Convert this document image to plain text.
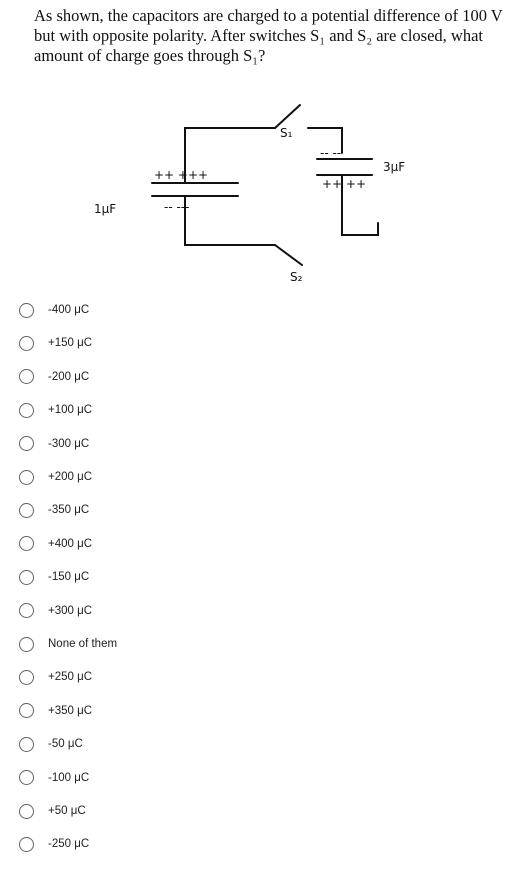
As shown, the capacitors are charged to a potential difference of 100 V but with opposite polarity. After switches S₁ and S₂ are closed, what amount of charge goes through S₁?

1μF
3μF
S₁
S₂
++ +++
-- ---
-- --
++ ++
-400 μC
+150 μC
-200 μC
+100 μC
-300 μC
+200 μC
-350 μC
+400 μC
-150 μC
+300 μC
None of them
+250 μC
+350 μC
-50 μC
-100 μC
+50 μC
-250 μC
